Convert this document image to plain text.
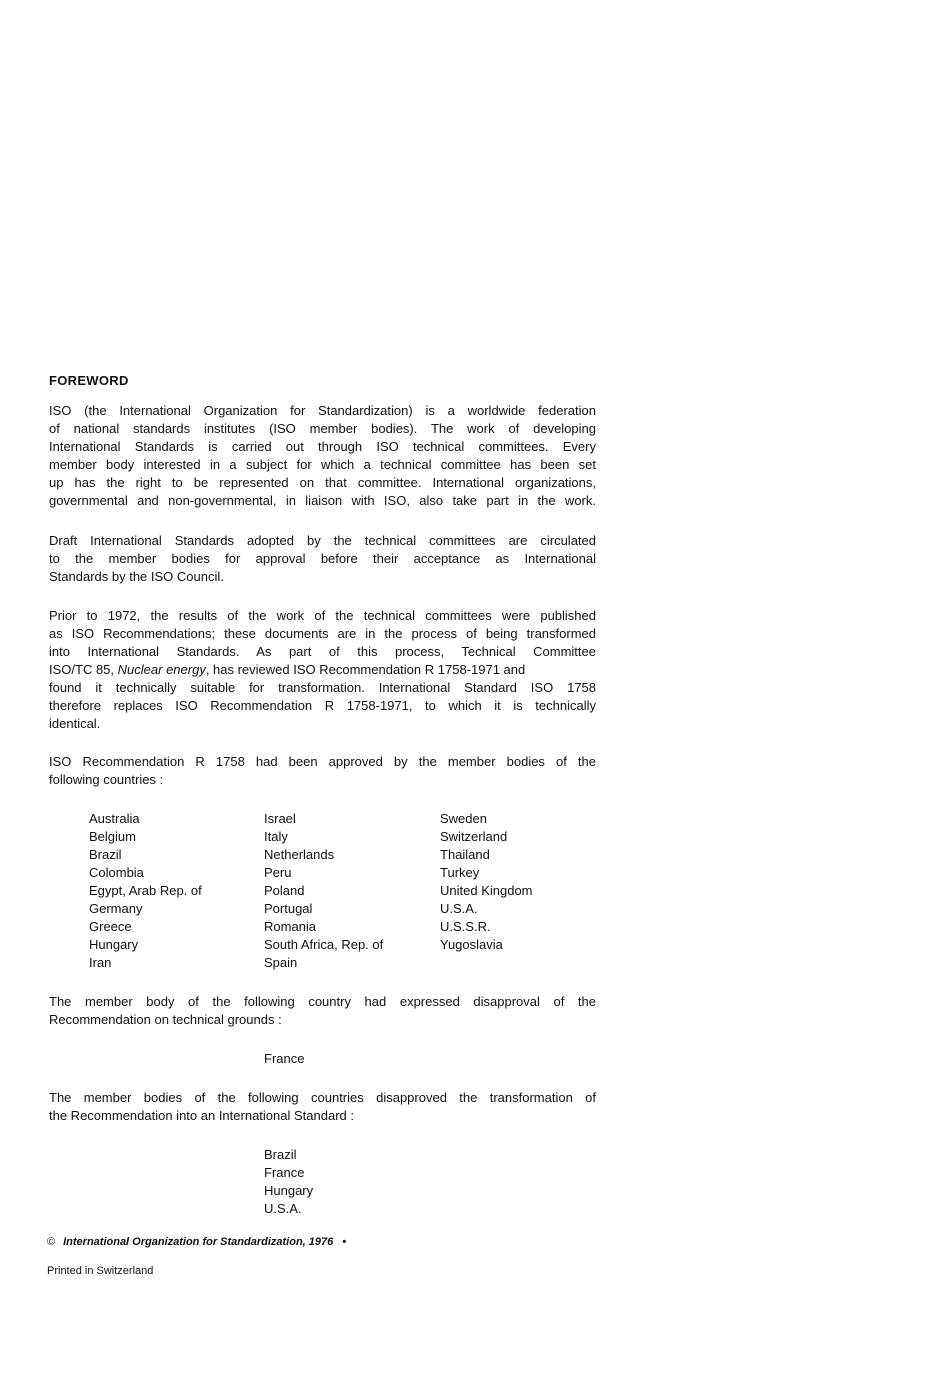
FOREWORD
ISO (the International Organization for Standardization) is a worldwide federation
of national standards institutes (ISO member bodies). The work of developing
International Standards is carried out through ISO technical committees. Every
member body interested in a subject for which a technical committee has been set
up has the right to be represented on that committee. International organizations,
governmental and non-governmental, in liaison with ISO, also take part in the work.
Draft International Standards adopted by the technical committees are circulated
to the member bodies for approval before their acceptance as International
Standards by the ISO Council.
Prior to 1972, the results of the work of the technical committees were published
as ISO Recommendations; these documents are in the process of being transformed
into International Standards. As part of this process, Technical Committee
ISO/TC 85, Nuclear energy, has reviewed ISO Recommendation R 1758-1971 and
found it technically suitable for transformation. International Standard ISO 1758
therefore replaces ISO Recommendation R 1758-1971, to which it is technically
identical.
ISO Recommendation R 1758 had been approved by the member bodies of the
following countries :
Australia
Belgium
Brazil
Colombia
Egypt, Arab Rep. of
Germany
Greece
Hungary
Iran
Israel
Italy
Netherlands
Peru
Poland
Portugal
Romania
South Africa, Rep. of
Spain
Sweden
Switzerland
Thailand
Turkey
United Kingdom
U.S.A.
U.S.S.R.
Yugoslavia
The member body of the following country had expressed disapproval of the
Recommendation on technical grounds :
France
The member bodies of the following countries disapproved the transformation of
the Recommendation into an International Standard :
Brazil
France
Hungary
U.S.A.
© International Organization for Standardization, 1976 •
Printed in Switzerland
